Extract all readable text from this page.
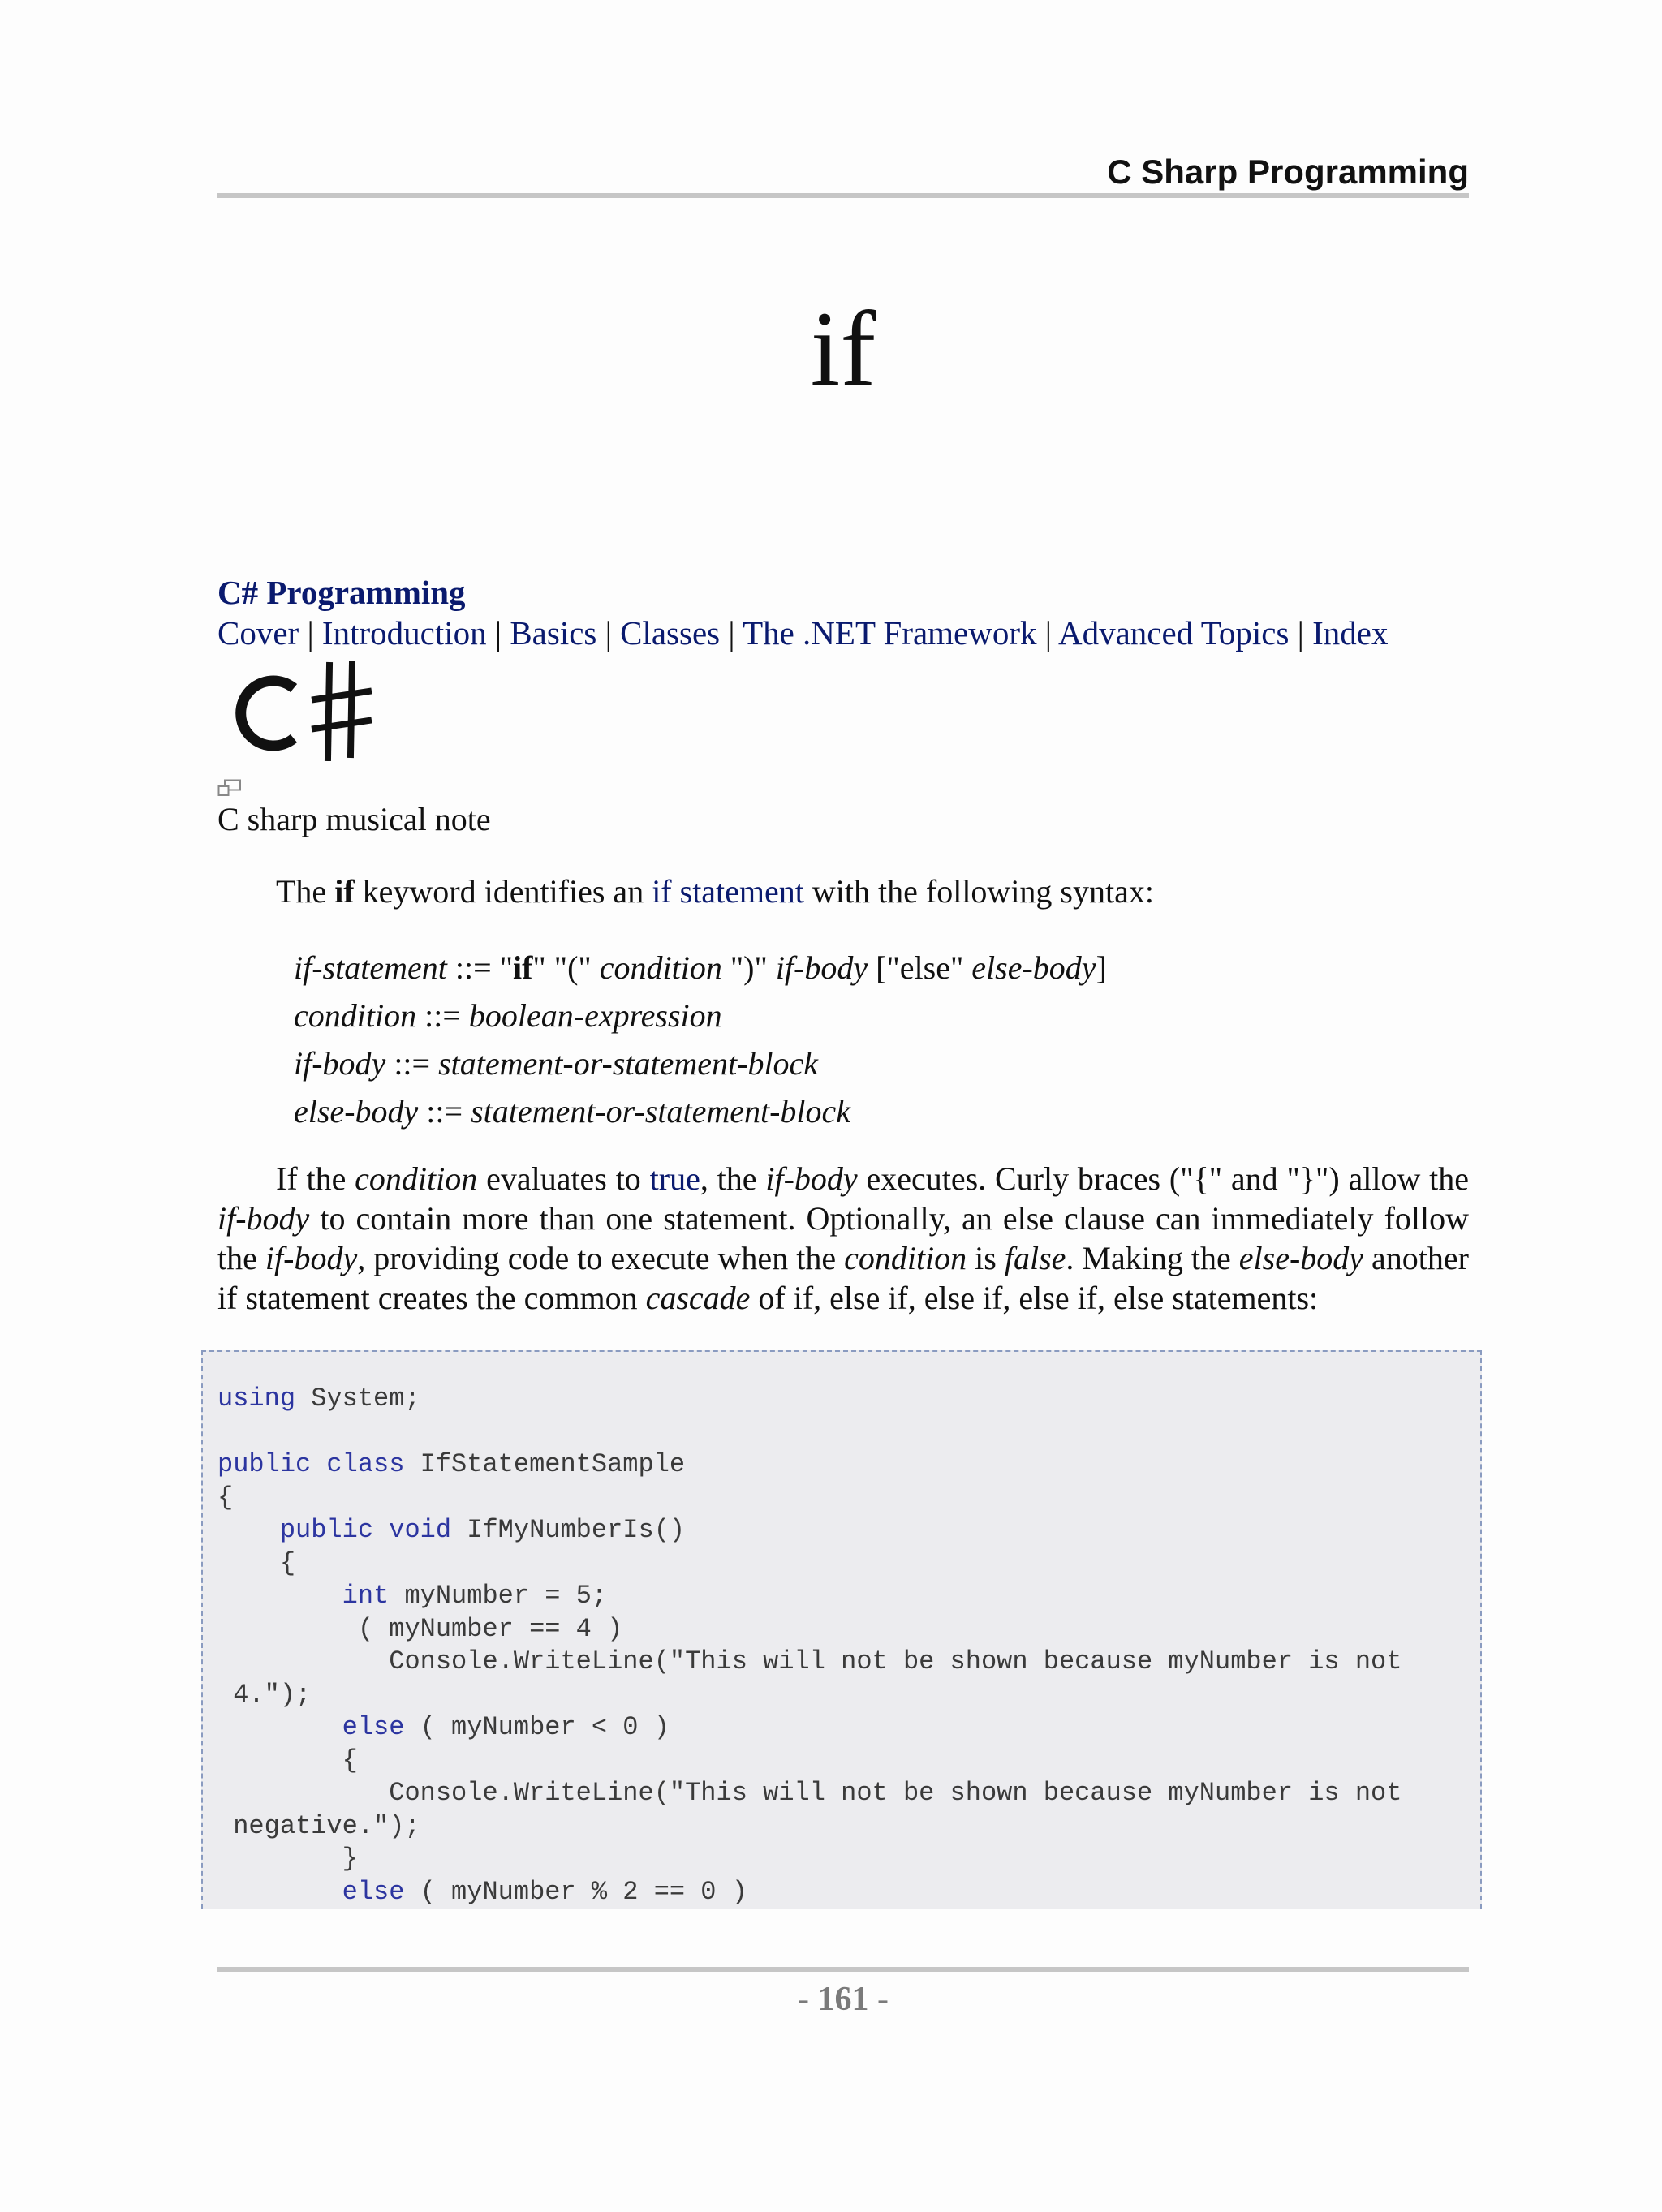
C Sharp Programming
if
C# Programming
Cover | Introduction | Basics | Classes | The .NET Framework | Advanced Topics | Index
C sharp musical note
The if keyword identifies an if statement with the following syntax:
if-statement ::= "if" "(" condition ")" if-body ["else" else-body]
condition ::= boolean-expression
if-body ::= statement-or-statement-block
else-body ::= statement-or-statement-block

If the condition evaluates to true, the if-body executes. Curly braces ("{" and "}") allow the if-body to contain more than one statement. Optionally, an else clause can immediately follow the if-body, providing code to execute when the condition is false. Making the else-body another if statement creates the common cascade of if, else if, else if, else if, else statements:

using System;

public class IfStatementSample
{
public void IfMyNumberIs()
{
int myNumber = 5;
( myNumber == 4 )
Console.WriteLine("This will not be shown because myNumber is not
4.");
else ( myNumber < 0 )
{
Console.WriteLine("This will not be shown because myNumber is not
negative.");
}
else ( myNumber % 2 == 0 )
- 161 -
